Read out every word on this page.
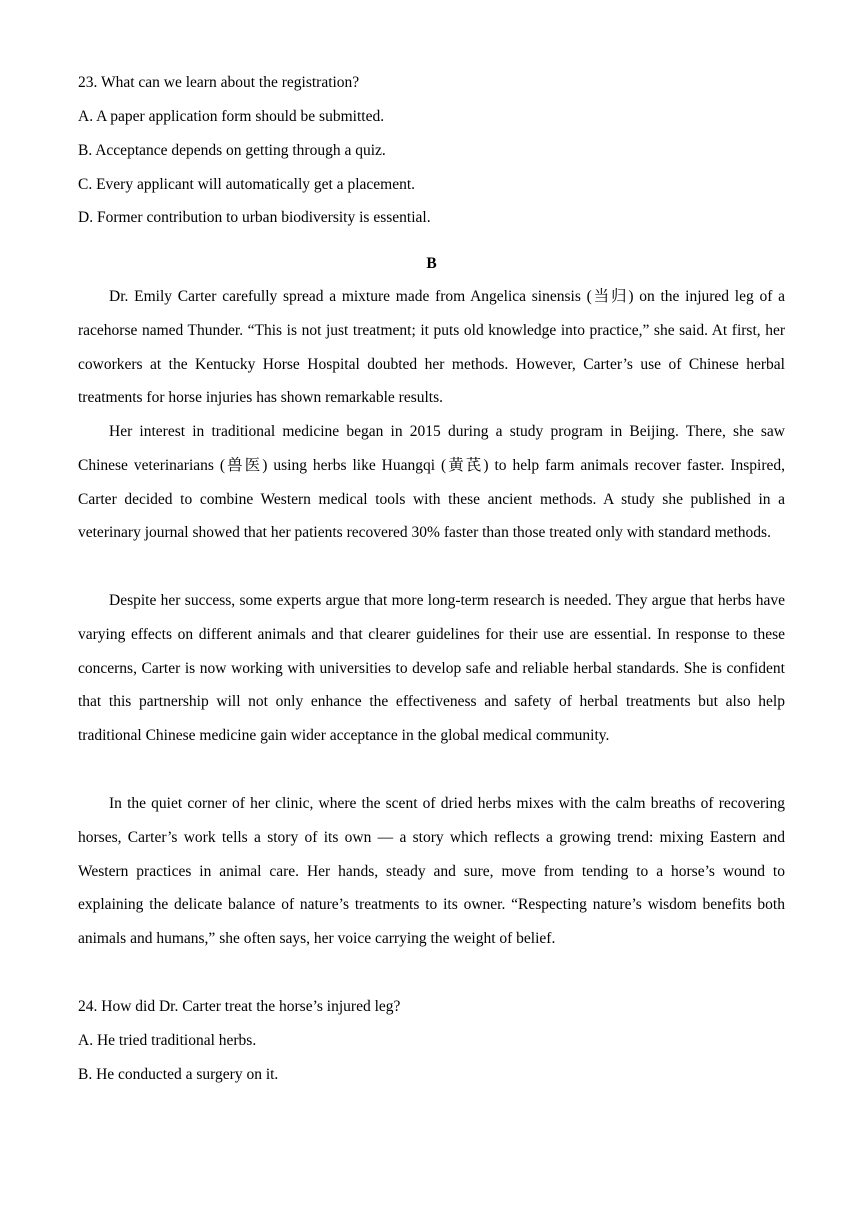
23. What can we learn about the registration?
A. A paper application form should be submitted.
B. Acceptance depends on getting through a quiz.
C. Every applicant will automatically get a placement.
D. Former contribution to urban biodiversity is essential.
B

Dr. Emily Carter carefully spread a mixture made from Angelica sinensis (当归) on the injured leg of a racehorse named Thunder. “This is not just treatment; it puts old knowledge into practice,” she said. At first, her coworkers at the Kentucky Horse Hospital doubted her methods. However, Carter’s use of Chinese herbal treatments for horse injuries has shown remarkable results.

Her interest in traditional medicine began in 2015 during a study program in Beijing. There, she saw Chinese veterinarians (兽医) using herbs like Huangqi (黄芪) to help farm animals recover faster. Inspired, Carter decided to combine Western medical tools with these ancient methods. A study she published in a veterinary journal showed that her patients recovered 30% faster than those treated only with standard methods.

Despite her success, some experts argue that more long-term research is needed. They argue that herbs have varying effects on different animals and that clearer guidelines for their use are essential. In response to these concerns, Carter is now working with universities to develop safe and reliable herbal standards. She is confident that this partnership will not only enhance the effectiveness and safety of herbal treatments but also help traditional Chinese medicine gain wider acceptance in the global medical community.

In the quiet corner of her clinic, where the scent of dried herbs mixes with the calm breaths of recovering horses, Carter’s work tells a story of its own — a story which reflects a growing trend: mixing Eastern and Western practices in animal care. Her hands, steady and sure, move from tending to a horse’s wound to explaining the delicate balance of nature’s treatments to its owner. “Respecting nature’s wisdom benefits both animals and humans,” she often says, her voice carrying the weight of belief.

24. How did Dr. Carter treat the horse’s injured leg?
A. He tried traditional herbs.
B. He conducted a surgery on it.
